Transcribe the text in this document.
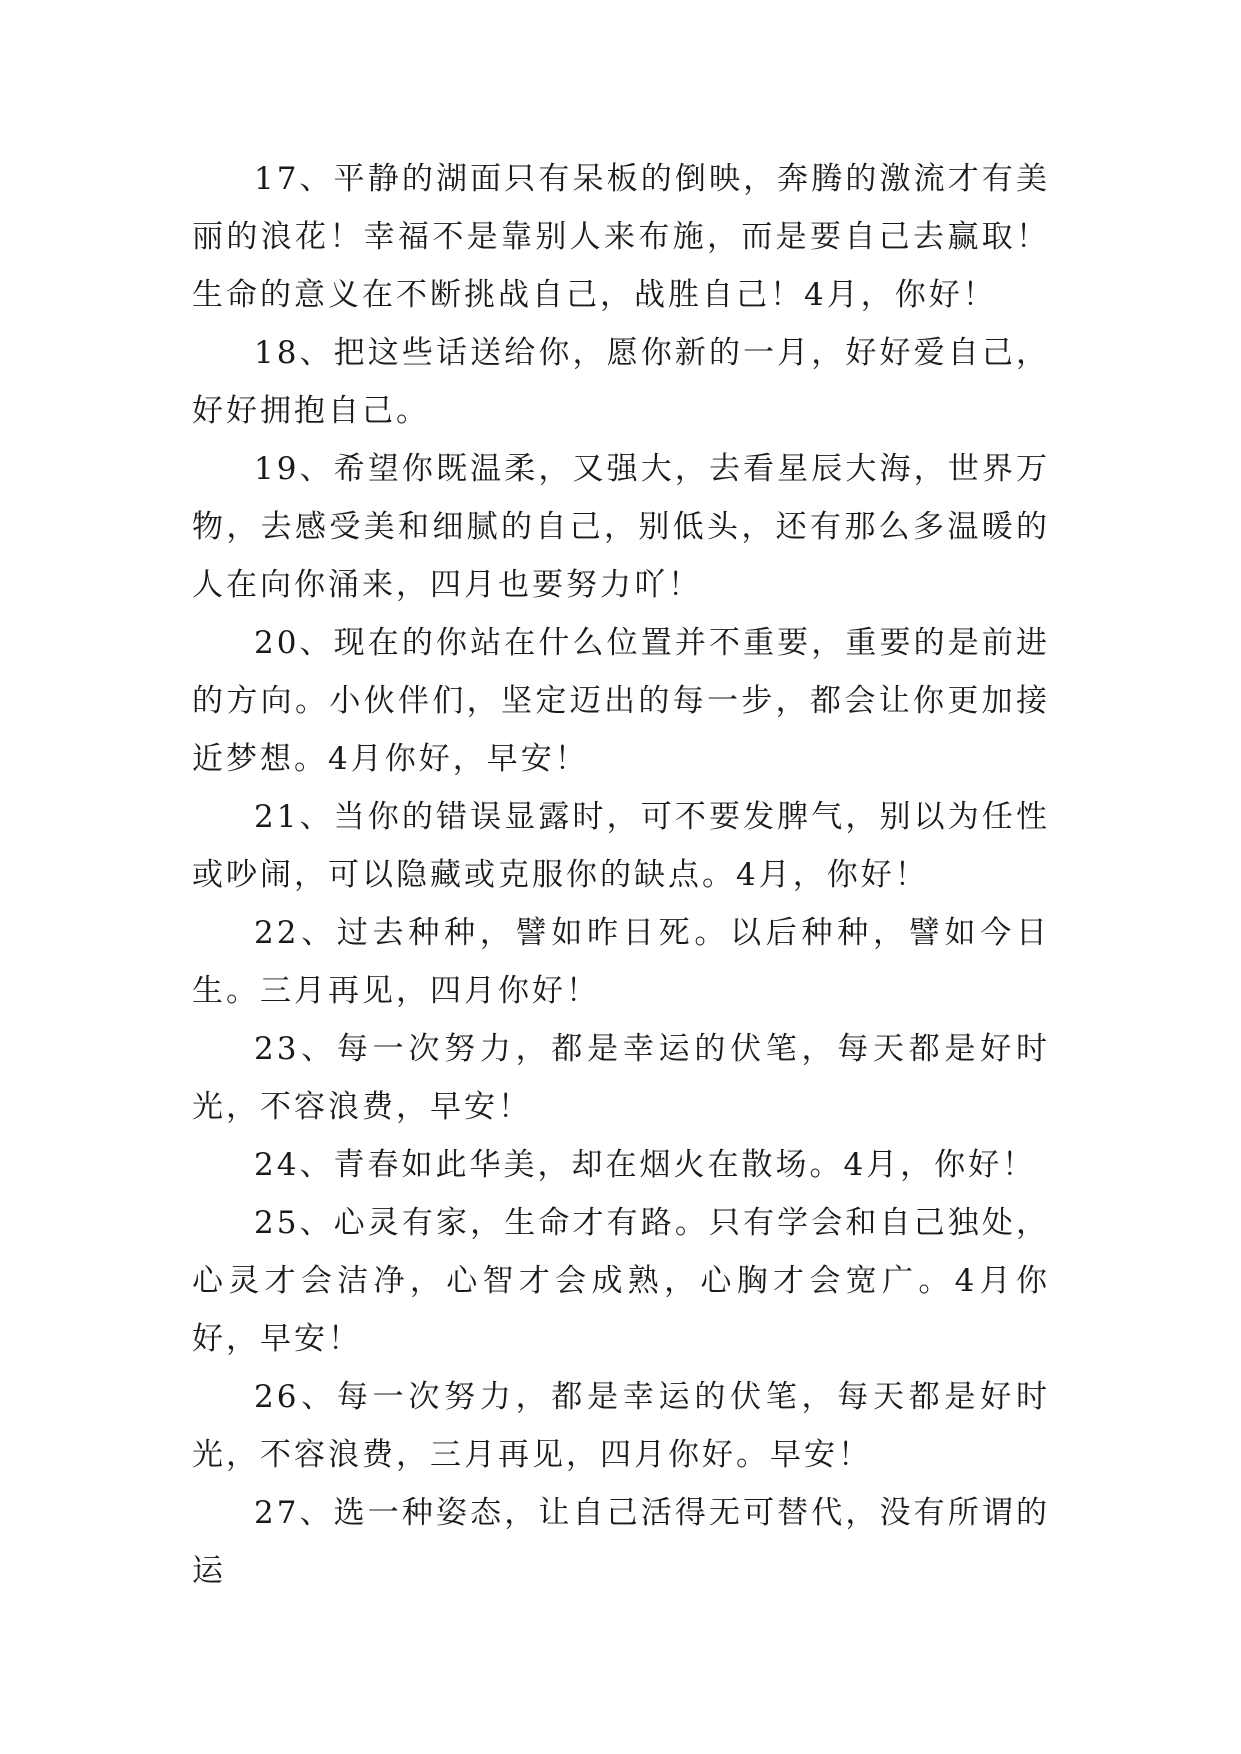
17、平静的湖面只有呆板的倒映，奔腾的激流才有美丽的浪花！幸福不是靠别人来布施，而是要自己去赢取！生命的意义在不断挑战自己，战胜自己！4月，你好！

18、把这些话送给你，愿你新的一月，好好爱自己，好好拥抱自己。

19、希望你既温柔，又强大，去看星辰大海，世界万物，去感受美和细腻的自己，别低头，还有那么多温暖的人在向你涌来，四月也要努力吖！

20、现在的你站在什么位置并不重要，重要的是前进的方向。小伙伴们，坚定迈出的每一步，都会让你更加接近梦想。4月你好，早安！

21、当你的错误显露时，可不要发脾气，别以为任性或吵闹，可以隐藏或克服你的缺点。4月，你好！

22、过去种种，譬如昨日死。以后种种，譬如今日生。三月再见，四月你好！

23、每一次努力，都是幸运的伏笔，每天都是好时光，不容浪费，早安！

24、青春如此华美，却在烟火在散场。4月，你好！

25、心灵有家，生命才有路。只有学会和自己独处，心灵才会洁净，心智才会成熟，心胸才会宽广。4月你好，早安！

26、每一次努力，都是幸运的伏笔，每天都是好时光，不容浪费，三月再见，四月你好。早安！

27、选一种姿态，让自己活得无可替代，没有所谓的运
